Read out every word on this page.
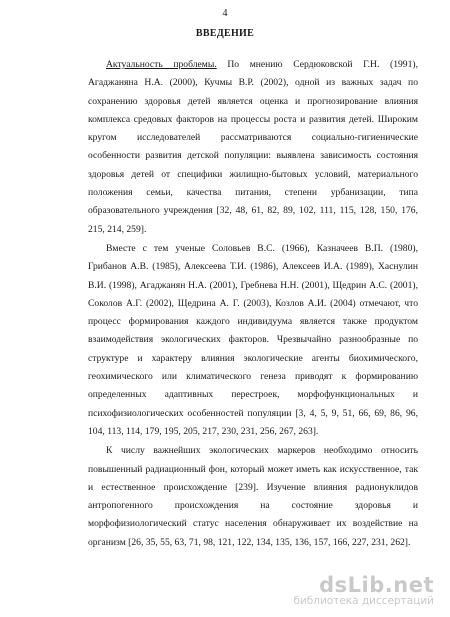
4
ВВЕДЕНИЕ
Актуальность проблемы. По мнению Сердюковской Г.Н. (1991),
Агаджаняна Н.А. (2000), Кучмы В.Р. (2002), одной из важных задач по
сохранению здоровья детей является оценка и прогнозирование влияния
комплекса средовых факторов на процессы роста и развития детей. Широким
кругом исследователей рассматриваются социально-гигиенические
особенности развития детской популяции: выявлена зависимость состояния
здоровья детей от специфики жилищно-бытовых условий, материального
положения семьи, качества питания, степени урбанизации, типа
образовательного учреждения [32, 48, 61, 82, 89, 102, 111, 115, 128, 150, 176,
215, 214, 259].
Вместе с тем ученые Соловьев В.С. (1966), Казначеев В.П. (1980),
Грибанов А.В. (1985), Алексеева Т.И. (1986), Алексеев И.А. (1989), Хаснулин
В.И. (1998), Агаджанян Н.А. (2001), Гребнева Н.Н. (2001), Щедрин А.С. (2001),
Соколов А.Г. (2002), Щедрина А. Г. (2003), Козлов А.И. (2004) отмечают, что
процесс формирования каждого индивидуума является также продуктом
взаимодействия экологических факторов. Чрезвычайно разнообразные по
структуре и характеру влияния экологические агенты биохимического,
геохимического или климатического генеза приводят к формированию
определенных адаптивных перестроек, морфофункциональных и
психофизиологических особенностей популяции [3, 4, 5, 9, 51, 66, 69, 86, 96,
104, 113, 114, 179, 195, 205, 217, 230, 231, 256, 267, 263].
К числу важнейших экологических маркеров необходимо относить
повышенный радиационный фон, который может иметь как искусственное, так
и естественное происхождение [239]. Изучение влияния радионуклидов
антропогенного происхождения на состояние здоровья и
морфофизиологический статус населения обнаруживает их воздействие на
организм [26, 35, 55, 63, 71, 98, 121, 122, 134, 135, 136, 157, 166, 227, 231, 262].
dsLib.net
библиотека диссертаций
